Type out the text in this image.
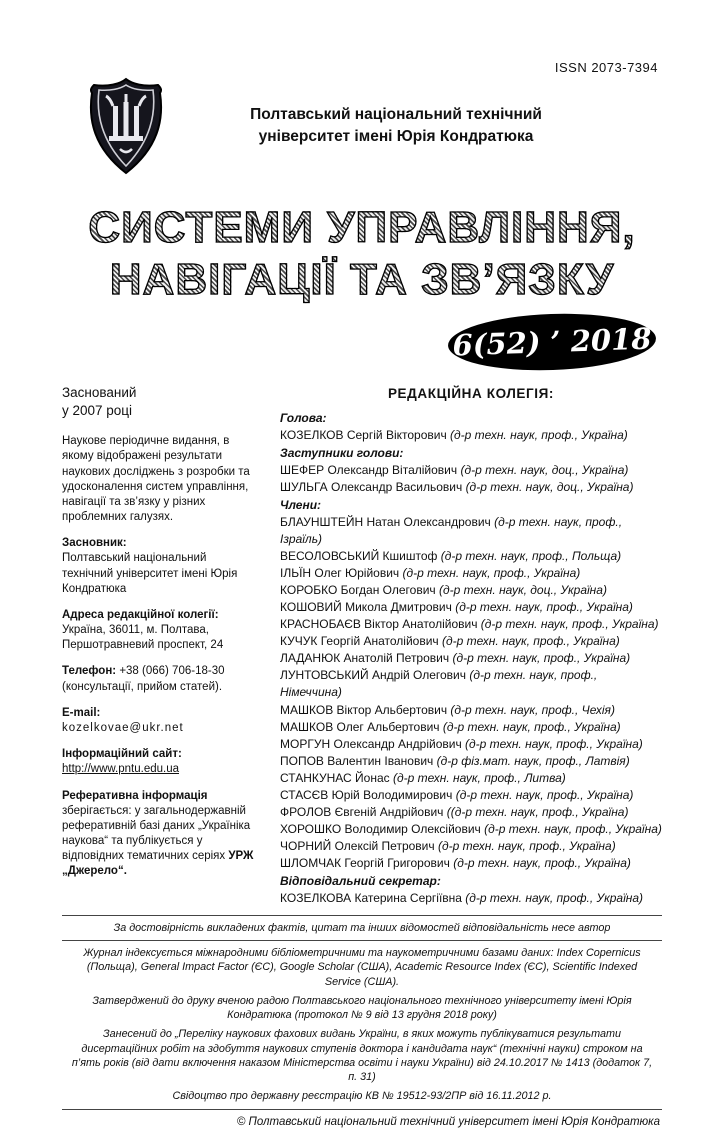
ISSN 2073-7394
Полтавський національний технічний
університет імені Юрія Кондратюка
СИСТЕМИ УПРАВЛІННЯ,
НАВІГАЦІЇ ТА ЗВ’ЯЗКУ
6(52) ’ 2018
Заснований
у 2007 році
Наукове періодичне видання, в якому відображені результати наукових досліджень з розробки та удосконалення систем управління, навігації та зв’язку у різних проблемних галузях.
Засновник:
Полтавський національний технічний університет імені Юрія Кондратюка
Адреса редакційної колегії:
Україна, 36011, м. Полтава, Першотравневий проспект, 24
Телефон: +38 (066) 706-18-30 (консультації, прийом статей).
E-mail:
kozelkovae@ukr.net
Інформаційний сайт:
http://www.pntu.edu.ua
Реферативна інформація зберігається: у загальнодержавній реферативній базі даних „Україніка наукова“ та публікується у відповідних тематичних серіях УРЖ „Джерело“.
РЕДАКЦІЙНА КОЛЕГІЯ:
Голова:
КОЗЕЛКОВ Сергій Вікторович (д-р техн. наук, проф., Україна)
Заступники голови:
ШЕФЕР Олександр Віталійович (д-р техн. наук, доц., Україна)
ШУЛЬГА Олександр Васильович (д-р техн. наук, доц., Україна)
Члени:
БЛАУНШТЕЙН Натан Олександрович (д-р техн. наук, проф., Ізраїль)
ВЕСОЛОВСЬКИЙ Кшиштоф (д-р техн. наук, проф., Польща)
ІЛЬЇН Олег Юрійович (д-р техн. наук, проф., Україна)
КОРОБКО Богдан Олегович (д-р техн. наук, доц., Україна)
КОШОВИЙ Микола Дмитрович (д-р техн. наук, проф., Україна)
КРАСНОБАЄВ Віктор Анатолійович (д-р техн. наук, проф., Україна)
КУЧУК Георгій Анатолійович (д-р техн. наук, проф., Україна)
ЛАДАНЮК Анатолій Петрович (д-р техн. наук, проф., Україна)
ЛУНТОВСЬКИЙ Андрій Олегович (д-р техн. наук, проф., Німеччина)
МАШКОВ Віктор Альбертович (д-р техн. наук, проф., Чехія)
МАШКОВ Олег Альбертович (д-р техн. наук, проф., Україна)
МОРГУН Олександр Андрійович (д-р техн. наук, проф., Україна)
ПОПОВ Валентин Іванович (д-р фіз.мат. наук, проф., Латвія)
СТАНКУНАС Йонас (д-р техн. наук, проф., Литва)
СТАСЄВ Юрій Володимирович (д-р техн. наук, проф., Україна)
ФРОЛОВ Євгеній Андрійович ((д-р техн. наук, проф., Україна)
ХОРОШКО Володимир Олексійович (д-р техн. наук, проф., Україна)
ЧОРНИЙ Олексій Петрович (д-р техн. наук, проф., Україна)
ШЛОМЧАК Георгій Григорович (д-р техн. наук, проф., Україна)
Відповідальний секретар:
КОЗЕЛКОВА Катерина Сергіївна (д-р техн. наук, проф., Україна)
За достовірність викладених фактів, цитат та інших відомостей відповідальність несе автор
Журнал індексується міжнародними бібліометричними та наукометричними базами даних: Index Copernicus (Польща), General Impact Factor (ЄС), Google Scholar (США), Academic Resource Index (ЄС), Scientific Indexed Service (США).
Затверджений до друку вченою радою Полтавського національного технічного університету імені Юрія Кондратюка (протокол № 9 від 13 грудня 2018 року)
Занесений до „Переліку наукових фахових видань України, в яких можуть публікуватися результати дисертаційних робіт на здобуття наукових ступенів доктора і кандидата наук“ (технічні науки) строком на п’ять років (від дати включення наказом Міністерства освіти і науки України) від 24.10.2017 № 1413 (додаток 7, п. 31)
Свідоцтво про державну реєстрацію КВ № 19512-93/2ПР від 16.11.2012 р.
© Полтавський національний технічний університет імені Юрія Кондратюка
